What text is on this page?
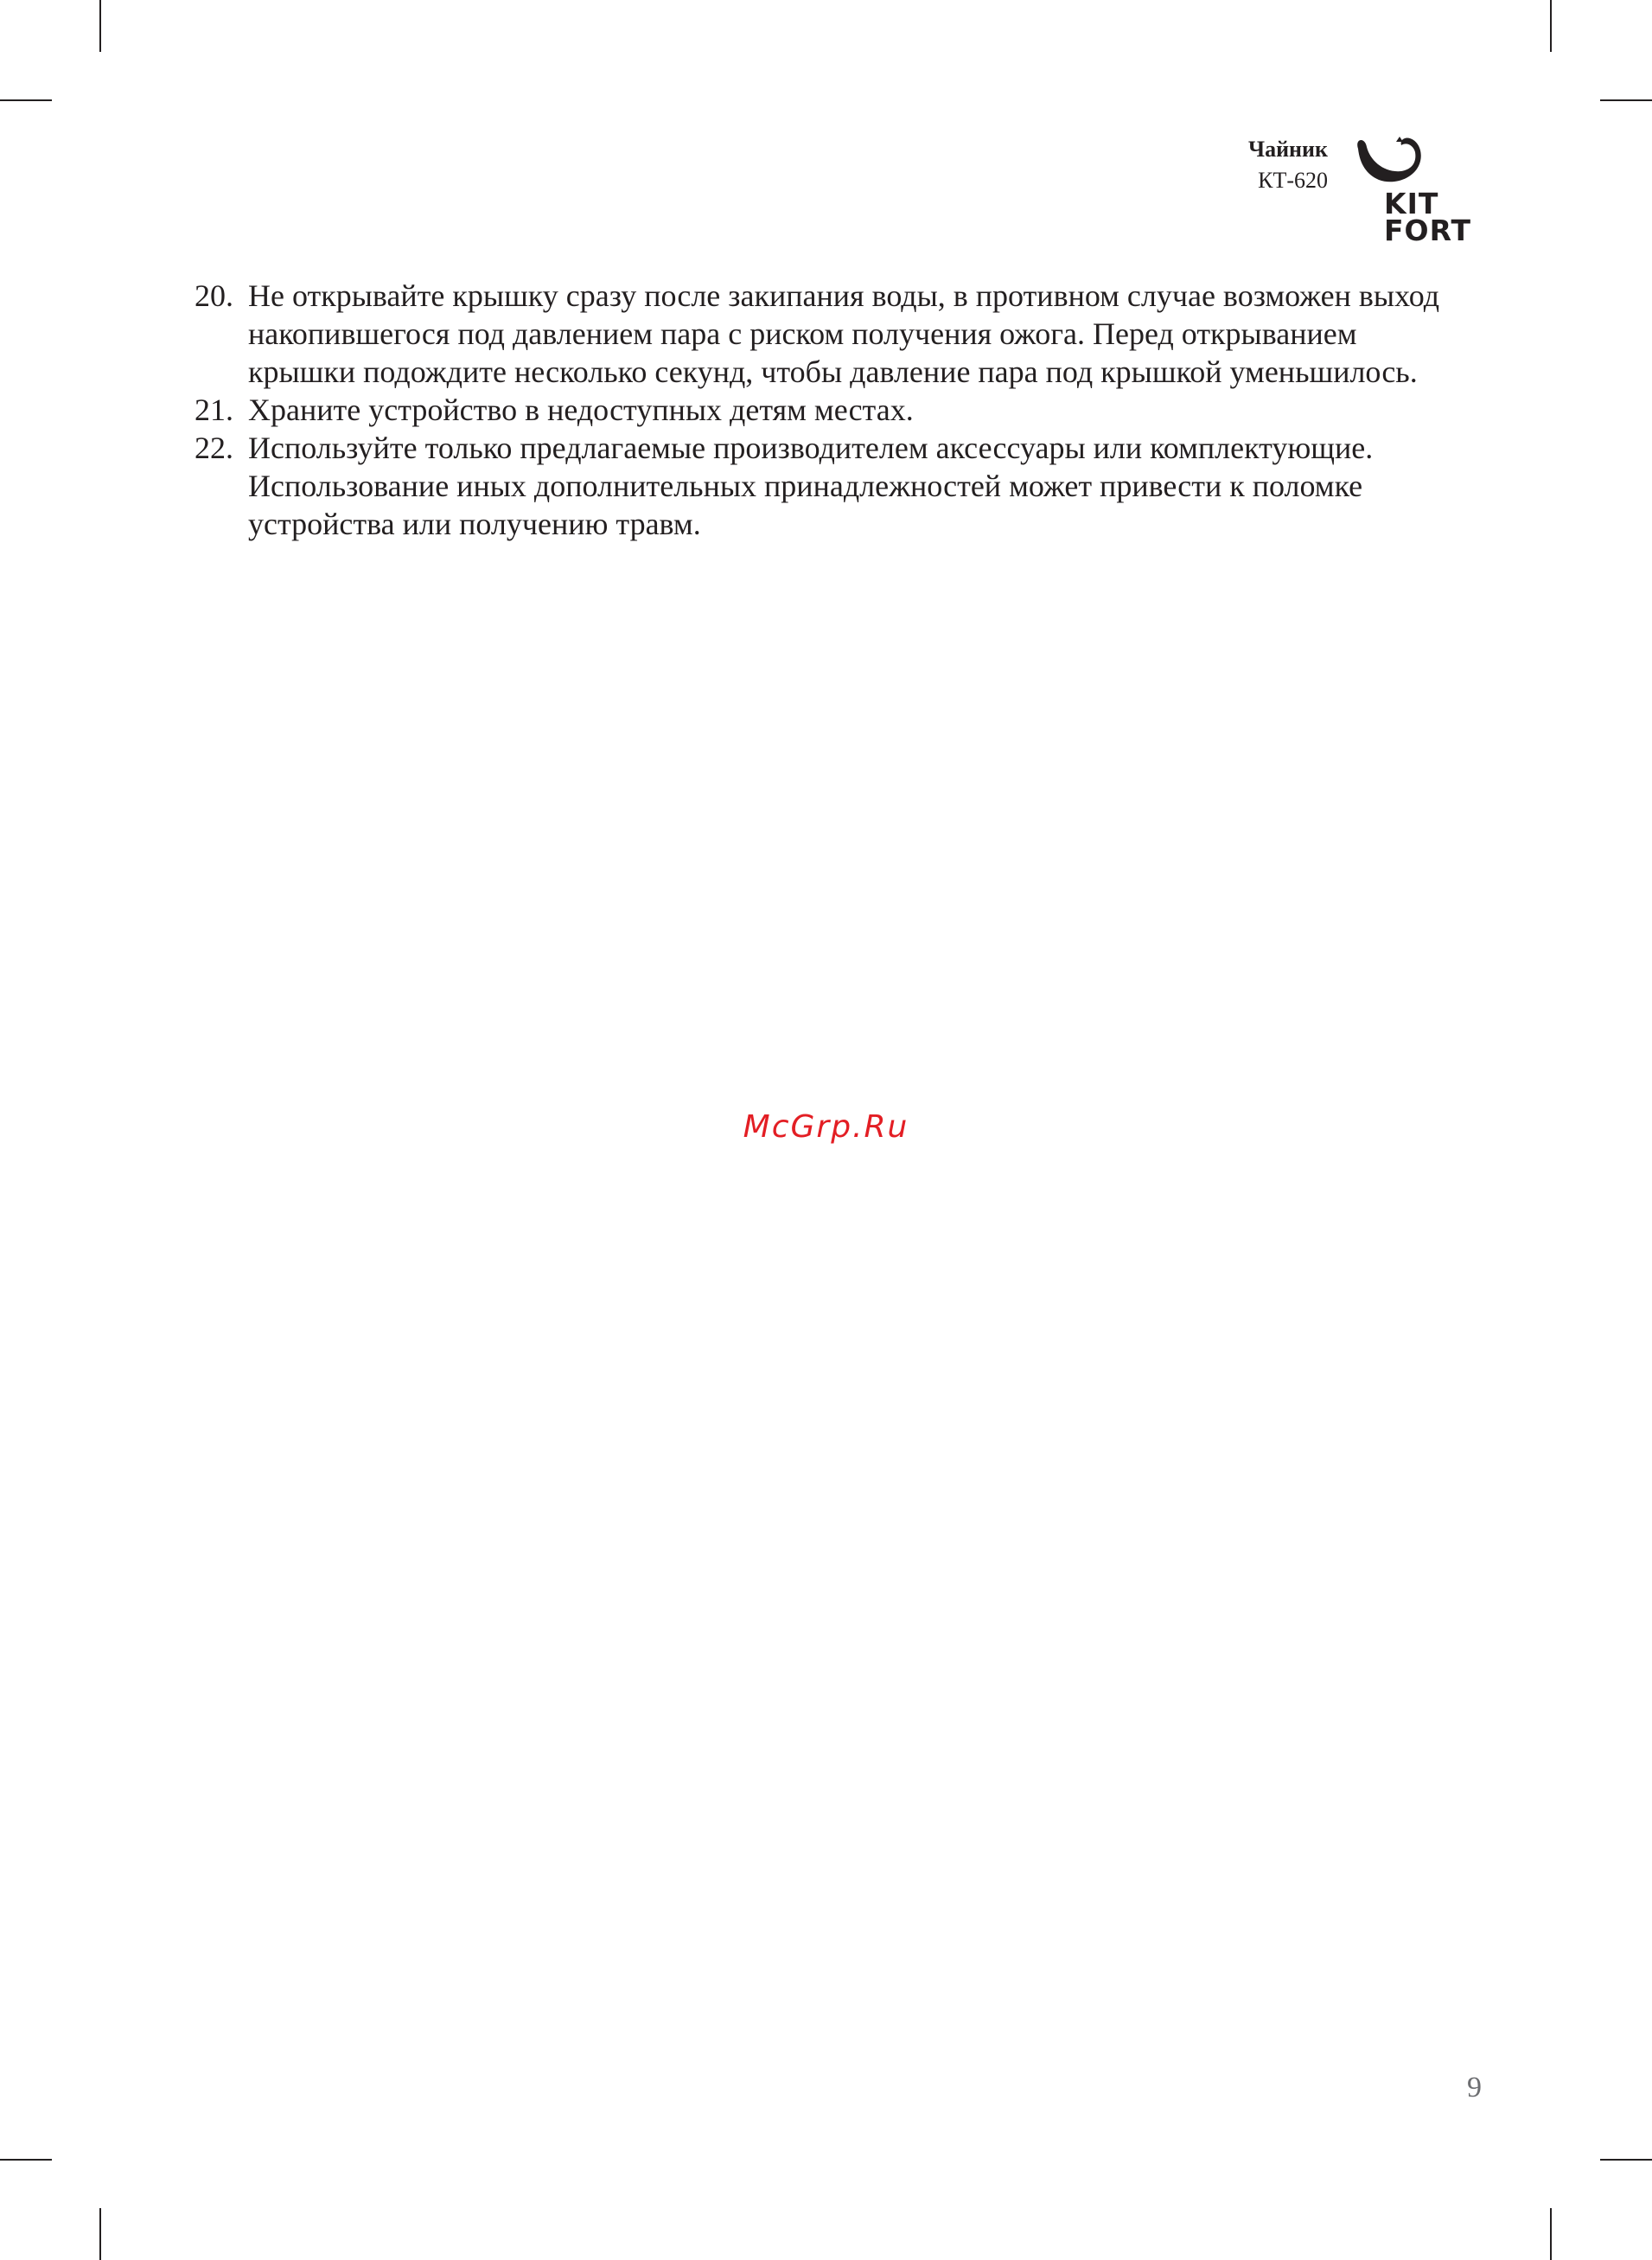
Чайник
КТ-620
KIT
FORT
20. Не открывайте крышку сразу после закипания воды, в противном случае возможен выход накопившегося под давлением пара с риском получения ожога. Перед открыванием крышки подождите несколько секунд, чтобы давление пара под крышкой уменьшилось.
21. Храните устройство в недоступных детям местах.
22. Используйте только предлагаемые производителем аксессуары или комплектующие. Использование иных дополнительных принадлежностей может привести к поломке устройства или получению травм.
McGrp.Ru
9
